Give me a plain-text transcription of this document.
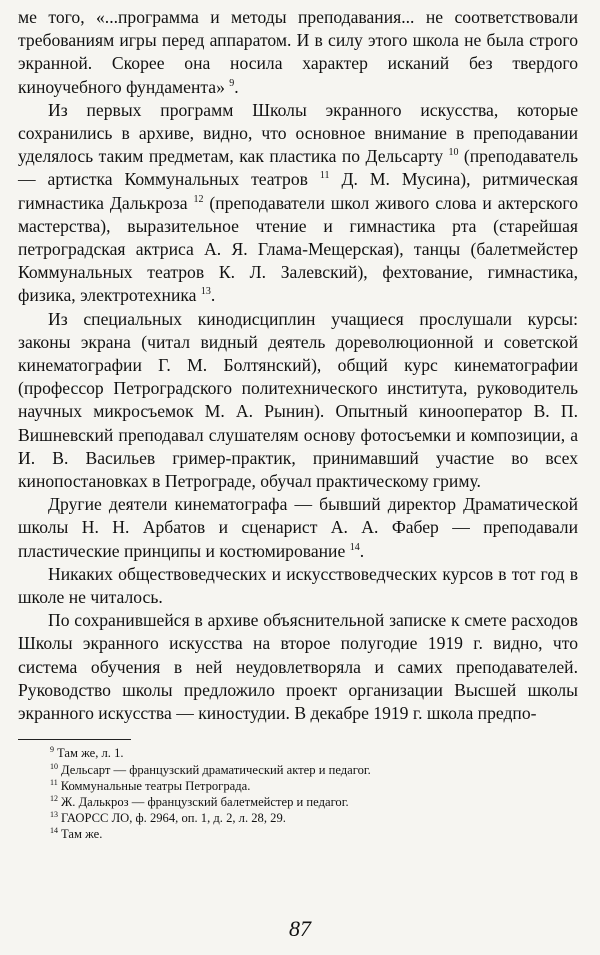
ме того, «...программа и методы преподавания... не соответствовали требованиям игры перед аппаратом. И в силу этого школа не была строго экранной. Скорее она носила характер исканий без твердого киноучебного фундамента» $^9$.

Из первых программ Школы экранного искусства, которые сохранились в архиве, видно, что основное внимание в преподавании уделялось таким предметам, как пластика по Дельсарту $^{10}$ (преподаватель — артистка Коммунальных театров $^{11}$ Д. М. Мусина), ритмическая гимнастика Далькроза $^{12}$ (преподаватели школ живого слова и актерского мастерства), выразительное чтение и гимнастика рта (старейшая петроградская актриса А. Я. Глама-Мещерская), танцы (балетмейстер Коммунальных театров К. Л. Залевский), фехтование, гимнастика, физика, электротехника $^{13}$.

Из специальных кинодисциплин учащиеся прослушали курсы: законы экрана (читал видный деятель дореволюционной и советской кинематографии Г. М. Болтянский), общий курс кинематографии (профессор Петроградского политехнического института, руководитель научных микросъемок М. А. Рынин). Опытный кинооператор В. П. Вишневский преподавал слушателям основу фотосъемки и композиции, а И. В. Васильев гример-практик, принимавший участие во всех кинопостановках в Петрограде, обучал практическому гриму.

Другие деятели кинематографа — бывший директор Драматической школы Н. Н. Арбатов и сценарист А. А. Фабер — преподавали пластические принципы и костюмирование $^{14}$.

Никаких обществоведческих и искусствоведческих курсов в тот год в школе не читалось.

По сохранившейся в архиве объяснительной записке к смете расходов Школы экранного искусства на второе полугодие 1919 г. видно, что система обучения в ней неудовлетворяла и самих преподавателей. Руководство школы предложило проект организации Высшей школы экранного искусства — киностудии. В декабре 1919 г. школа предпо-

$^9$ Там же, л. 1.
$^{10}$ Дельсарт — французский драматический актер и педагог.
$^{11}$ Коммунальные театры Петрограда.
$^{12}$ Ж. Далькроз — французский балетмейстер и педагог.
$^{13}$ ГАОРСС ЛО, ф. 2964, оп. 1, д. 2, л. 28, 29.
$^{14}$ Там же.
87
